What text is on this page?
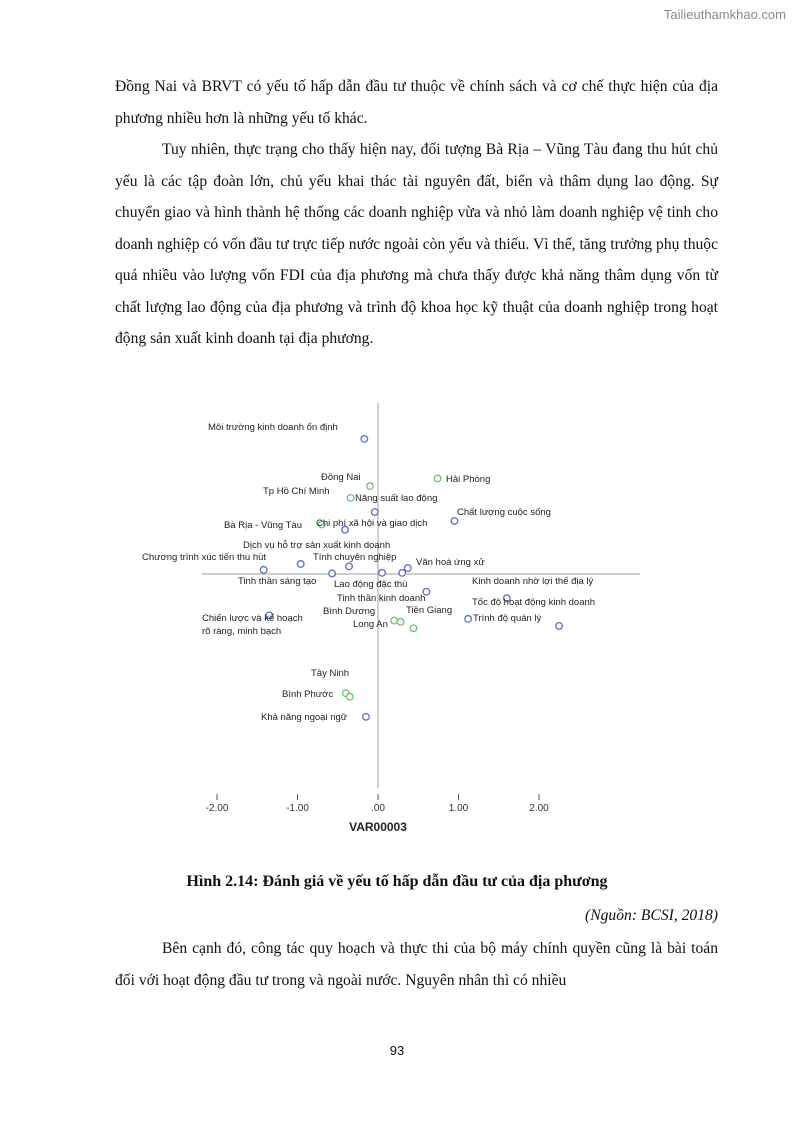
Tailieuthamkhao.com

Đồng Nai và BRVT có yếu tố hấp dẫn đầu tư thuộc về chính sách và cơ chế thực hiện của địa phương nhiều hơn là những yếu tố khác.

Tuy nhiên, thực trạng cho thấy hiện nay, đối tượng Bà Rịa – Vũng Tàu đang thu hút chủ yếu là các tập đoàn lớn, chủ yếu khai thác tài nguyên đất, biển và thâm dụng lao động. Sự chuyển giao và hình thành hệ thống các doanh nghiệp vừa và nhỏ làm doanh nghiệp vệ tinh cho doanh nghiệp có vốn đầu tư trực tiếp nước ngoài còn yếu và thiếu. Vì thế, tăng trưởng phụ thuộc quá nhiều vào lượng vốn FDI của địa phương mà chưa thấy được khả năng thâm dụng vốn từ chất lượng lao động của địa phương và trình độ khoa học kỹ thuật của doanh nghiệp trong hoạt động sản xuất kinh doanh tại địa phương.

Môi trường kinh doanh ổn định
Đồng Nai	Hải Phòng
Tp Hồ Chí Minh
Năng suất lao động
Chất lượng cuộc sống
Bà Rịa - Vũng Tàu Chi phí xã hội và giao dịch
Dịch vụ hỗ trợ sản xuất kinh doanh
Chương trình xúc tiến thu hút	Tính chuyên nghiệp Văn hoá ứng xử
Tinh thần sáng tạo Lao động đặc thù	Kinh doanh nhờ lợi thế địa lý
Tinh thần kinh doanh	Tốc độ hoạt động kinh doanh
Bình Dương	Tiền Giang
Chiến lược và kế hoạch
rõ ràng, minh bạch
Trình độ quản lý
Long An
Tây Ninh
Bình Phước
Khả năng ngoại ngữ
-2.00	-1.00	.00	1.00	2.00
VAR00003
Hình 2.14: Đánh giá về yếu tố hấp dẫn đầu tư của địa phương
(Nguồn: BCSI, 2018)

Bên cạnh đó, công tác quy hoạch và thực thi của bộ máy chính quyền cũng là bài toán đối với hoạt động đầu tư trong và ngoài nước. Nguyên nhân thì có nhiều

93
